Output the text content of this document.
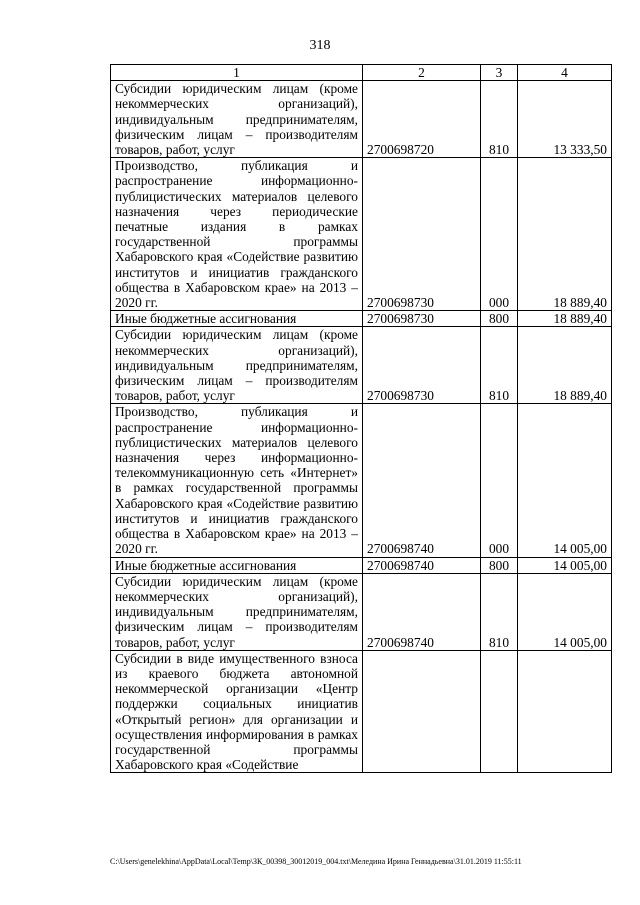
318
1	2	3	4
Субсидии юридическим лицам (кроме некоммерческих организаций), индивидуальным предпринимателям, физическим лицам – производителям товаров, работ, услуг	2700698720	810	13 333,50
Производство, публикация и распространение информационно-публицистических материалов целевого назначения через периодические печатные издания в рамках государственной программы Хабаровского края «Содействие развитию институтов и инициатив гражданского общества в Хабаровском крае» на 2013 – 2020 гг.	2700698730	000	18 889,40
Иные бюджетные ассигнования	2700698730	800	18 889,40
Субсидии юридическим лицам (кроме некоммерческих организаций), индивидуальным предпринимателям, физическим лицам – производителям товаров, работ, услуг	2700698730	810	18 889,40
Производство, публикация и распространение информационно-публицистических материалов целевого назначения через информационно-телекоммуникационную сеть «Интернет» в рамках государственной программы Хабаровского края «Содействие развитию институтов и инициатив гражданского общества в Хабаровском крае» на 2013 – 2020 гг.	2700698740	000	14 005,00
Иные бюджетные ассигнования	2700698740	800	14 005,00
Субсидии юридическим лицам (кроме некоммерческих организаций), индивидуальным предпринимателям, физическим лицам – производителям товаров, работ, услуг	2700698740	810	14 005,00
Субсидии в виде имущественного взноса из краевого бюджета автономной некоммерческой организации «Центр поддержки социальных инициатив «Открытый регион» для организации и осуществления информирования в рамках государственной программы Хабаровского края «Содействие			
C:\Users\genelekhina\AppData\Local\Temp\ЗК_00398_30012019_004.txt\Меледина Ирина Геннадьевна\31.01.2019 11:55:11
